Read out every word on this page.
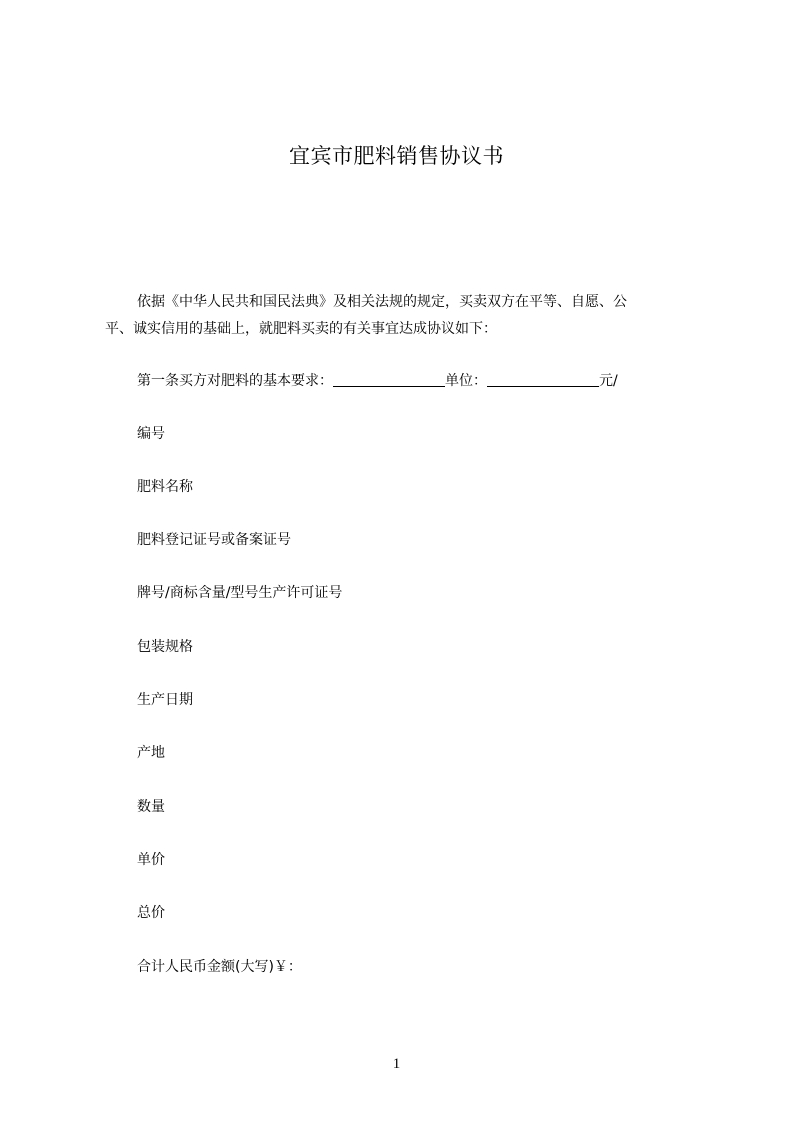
宜宾市肥料销售协议书
依据《中华人民共和国民法典》及相关法规的规定，买卖双方在平等、自愿、公
平、诚实信用的基础上，就肥料买卖的有关事宜达成协议如下：
第一条买方对肥料的基本要求：	单位：	元/
编号
肥料名称
肥料登记证号或备案证号
牌号/商标含量/型号生产许可证号
包装规格
生产日期
产地
数量
单价
总价
合计人民币金额(大写)￥：
1
